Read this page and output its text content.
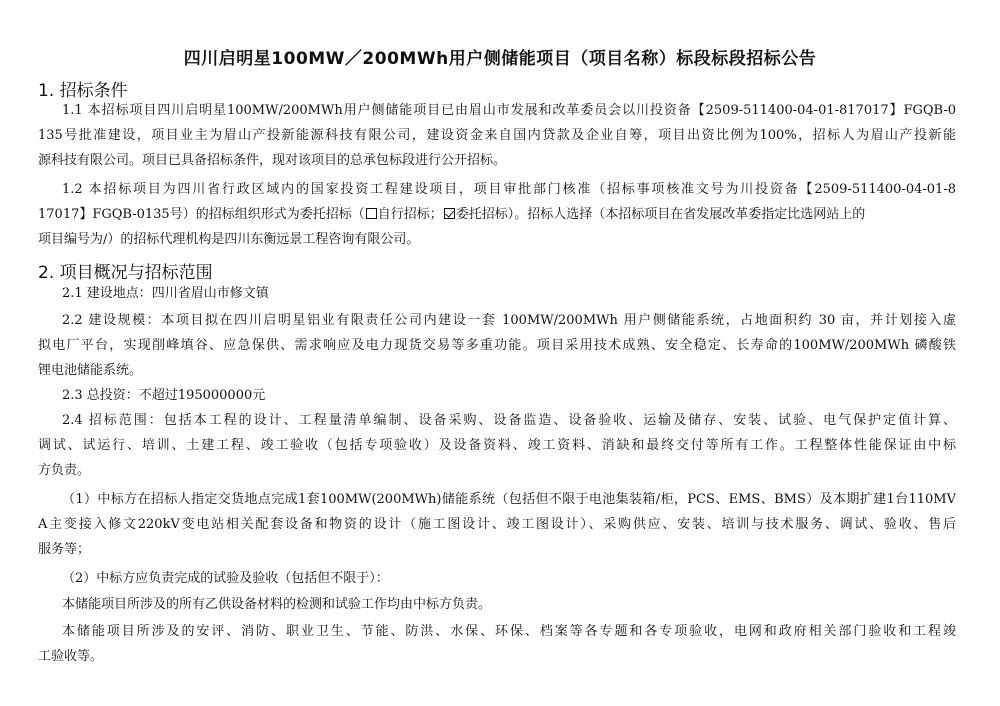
四川启明星100MW／200MWh用户侧储能项目（项目名称）标段标段招标公告
1. 招标条件
1.1 本招标项目四川启明星100MW/200MWh用户侧储能项目已由眉山市发展和改革委员会以川投资备【2509-511400-04-01-817017】FGQB-0
135号批准建设，项目业主为眉山产投新能源科技有限公司，建设资金来自国内贷款及企业自筹，项目出资比例为100%，招标人为眉山产投新能
源科技有限公司。项目已具备招标条件，现对该项目的总承包标段进行公开招标。
1.2 本招标项目为四川省行政区域内的国家投资工程建设项目，项目审批部门核准（招标事项核准文号为川投资备【2509-511400-04-01-8
17017】FGQB-0135号）的招标组织形式为委托招标（ 自行招标； 委托招标）。招标人选择（本招标项目在省发展改革委指定比选网站上的
项目编号为/）的招标代理机构是四川东衡远景工程咨询有限公司。
2. 项目概况与招标范围
2.1 建设地点：四川省眉山市修文镇
2.2 建设规模：本项目拟在四川启明星铝业有限责任公司内建设一套 100MW/200MWh 用户侧储能系统，占地面积约 30 亩，并计划接入虚
拟电厂平台，实现削峰填谷、应急保供、需求响应及电力现货交易等多重功能。项目采用技术成熟、安全稳定、长寿命的100MW/200MWh 磷酸铁
锂电池储能系统。
2.3 总投资：不超过195000000元
2.4 招标范围：包括本工程的设计、工程量清单编制、设备采购、设备监造、设备验收、运输及储存、安装、试验、电气保护定值计算、
调试、试运行、培训、土建工程、竣工验收（包括专项验收）及设备资料、竣工资料、消缺和最终交付等所有工作。工程整体性能保证由中标
方负责。
（1）中标方在招标人指定交货地点完成1套100MW(200MWh)储能系统（包括但不限于电池集装箱/柜，PCS、EMS、BMS）及本期扩建1台110MV
A主变接入修文220kV变电站相关配套设备和物资的设计（施工图设计、竣工图设计）、采购供应、安装、培训与技术服务、调试、验收、售后
服务等；
（2）中标方应负责完成的试验及验收（包括但不限于）：
本储能项目所涉及的所有乙供设备材料的检测和试验工作均由中标方负责。
本储能项目所涉及的安评、消防、职业卫生、节能、防洪、水保、环保、档案等各专题和各专项验收，电网和政府相关部门验收和工程竣
工验收等。
